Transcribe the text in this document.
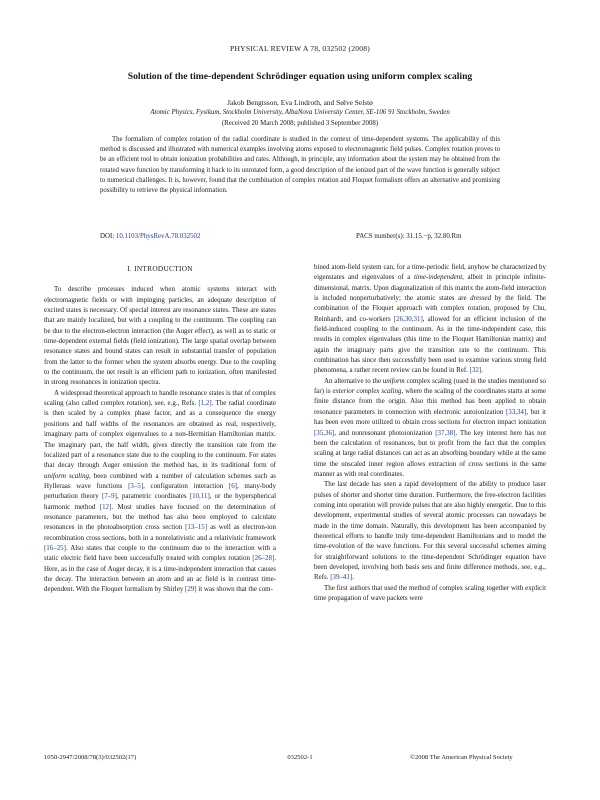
PHYSICAL REVIEW A 78, 032502 (2008)
Solution of the time-dependent Schrödinger equation using uniform complex scaling
Jakob Bengtsson, Eva Lindroth, and Sølve Selstø
Atomic Physics, Fysikum, Stockholm University, AlbaNova University Center, SE-106 91 Stockholm, Sweden
(Received 20 March 2008; published 3 September 2008)
The formalism of complex rotation of the radial coordinate is studied in the context of time-dependent systems. The applicability of this method is discussed and illustrated with numerical examples involving atoms exposed to electromagnetic field pulses. Complex rotation proves to be an efficient tool to obtain ionization probabilities and rates. Although, in principle, any information about the system may be obtained from the rotated wave function by transforming it back to its unrotated form, a good description of the ionized part of the wave function is generally subject to numerical challenges. It is, however, found that the combination of complex rotation and Floquet formalism offers an alternative and promising possibility to retrieve the physical information.
DOI: 10.1103/PhysRevA.78.032502	PACS number(s): 31.15.−p, 32.80.Rm
I. INTRODUCTION

To describe processes induced when atomic systems interact with electromagnetic fields or with impinging particles, an adequate description of excited states is necessary. Of special interest are resonance states. These are states that are mainly localized, but with a coupling to the continuum. The coupling can be due to the electron-electron interaction (the Auger effect), as well as to static or time-dependent external fields (field ionization). The large spatial overlap between resonance states and bound states can result in substantial transfer of population from the latter to the former when the system absorbs energy. Due to the coupling to the continuum, the net result is an efficient path to ionization, often manifested in strong resonances in ionization spectra.

A widespread theoretical approach to handle resonance states is that of complex scaling (also called complex rotation), see, e.g., Refs. [1,2]. The radial coordinate is then scaled by a complex phase factor, and as a consequence the energy positions and half widths of the resonances are obtained as real, respectively, imaginary parts of complex eigenvalues to a non-Hermitian Hamiltonian matrix. The imaginary part, the half width, gives directly the transition rate from the localized part of a resonance state due to the coupling to the continuum. For states that decay through Auger emission the method has, in its traditional form of uniform scaling, been combined with a number of calculation schemes such as Hylleraas wave functions [3–5], configuration interaction [6], many-body perturbation theory [7–9], parametric coordinates [10,11], or the hyperspherical harmonic method [12]. Most studies have focused on the determination of resonance parameters, but the method has also been employed to calculate resonances in the photoabsorption cross section [13–15] as well as electron-ion recombination cross sections, both in a nonrelativistic and a relativistic framework [16–25]. Also states that couple to the continuum due to the interaction with a static electric field have been successfully treated with complex rotation [26–28]. Here, as in the case of Auger decay, it is a time-independent interaction that causes the decay. The interaction between an atom and an ac field is in contrast time-dependent. With the Floquet formalism by Shirley [29] it was shown that the com-

bined atom-field system can, for a time-periodic field, anyhow be characterized by eigenstates and eigenvalues of a time-independent, albeit in principle infinite-dimensional, matrix. Upon diagonalization of this matrix the atom-field interaction is included nonperturbatively; the atomic states are dressed by the field. The combination of the Floquet approach with complex rotation, proposed by Chu, Reinhardt, and co-workers [26,30,31], allowed for an efficient inclusion of the field-induced coupling to the continuum. As in the time-independent case, this results in complex eigenvalues (this time to the Floquet Hamiltonian matrix) and again the imaginary parts give the transition rate to the continuum. This combination has since then successfully been used to examine various strong field phenomena, a rather recent review can be found in Ref. [32].

An alternative to the uniform complex scaling (used in the studies mentioned so far) is exterior complex scaling, where the scaling of the coordinates starts at some finite distance from the origin. Also this method has been applied to obtain resonance parameters in connection with electronic autoionization [33,34], but it has been even more utilized to obtain cross sections for electron impact ionization [35,36], and nonresonant photoionization [37,38]. The key interest here has not been the calculation of resonances, but to profit from the fact that the complex scaling at large radial distances can act as an absorbing boundary while at the same time the unscaled inner region allows extraction of cross sections in the same manner as with real coordinates.

The last decade has seen a rapid development of the ability to produce laser pulses of shorter and shorter time duration. Furthermore, the free-electron facilities coming into operation will provide pulses that are also highly energetic. Due to this development, experimental studies of several atomic processes can nowadays be made in the time domain. Naturally, this development has been accompanied by theoretical efforts to handle truly time-dependent Hamiltonians and to model the time-evolution of the wave functions. For this several successful schemes aiming for straightforward solutions to the time-dependent Schrödinger equation have been developed, involving both basis sets and finite difference methods, see, e.g., Refs. [39–41].

The first authors that used the method of complex scaling together with explicit time propagation of wave packets were

1050-2947/2008/78(3)/032502(17)	032502-1	©2008 The American Physical Society
